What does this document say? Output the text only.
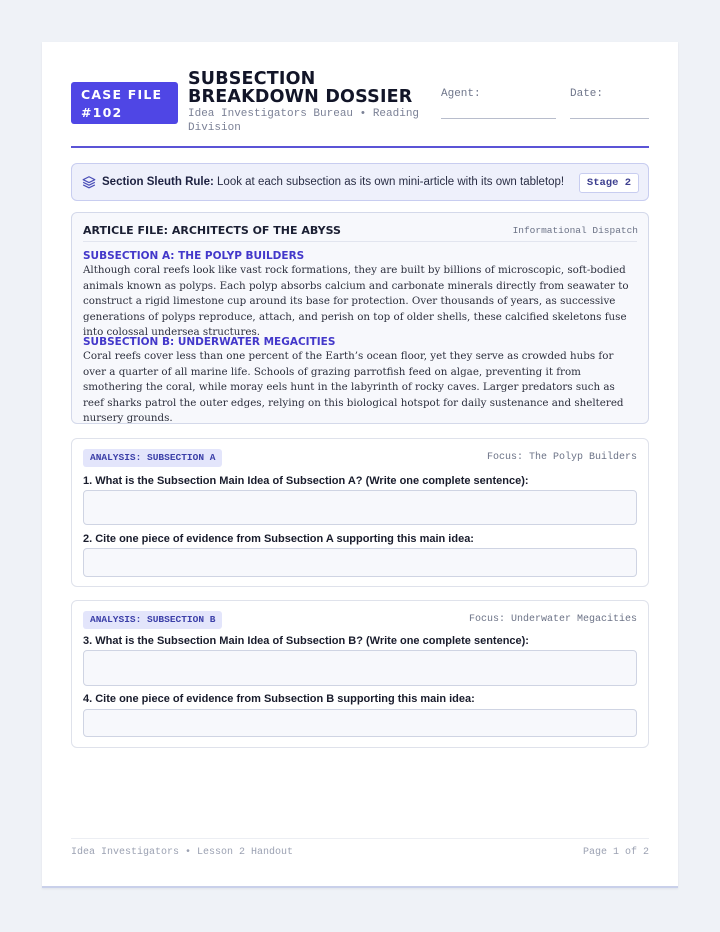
CASE FILE #102
SUBSECTION BREAKDOWN DOSSIER
Idea Investigators Bureau • Reading Division
Agent:	Date:
Section Sleuth Rule: Look at each subsection as its own mini-article with its own tabletop!	Stage 2
ARTICLE FILE: ARCHITECTS OF THE ABYSS	Informational Dispatch
SUBSECTION A: THE POLYP BUILDERS
Although coral reefs look like vast rock formations, they are built by billions of microscopic, soft-bodied animals known as polyps. Each polyp absorbs calcium and carbonate minerals directly from seawater to construct a rigid limestone cup around its base for protection. Over thousands of years, as successive generations of polyps reproduce, attach, and perish on top of older shells, these calcified skeletons fuse into colossal undersea structures.
SUBSECTION B: UNDERWATER MEGACITIES
Coral reefs cover less than one percent of the Earth’s ocean floor, yet they serve as crowded hubs for over a quarter of all marine life. Schools of grazing parrotfish feed on algae, preventing it from smothering the coral, while moray eels hunt in the labyrinth of rocky caves. Larger predators such as reef sharks patrol the outer edges, relying on this biological hotspot for daily sustenance and sheltered nursery grounds.
ANALYSIS: SUBSECTION A	Focus: The Polyp Builders
1. What is the Subsection Main Idea of Subsection A? (Write one complete sentence):
2. Cite one piece of evidence from Subsection A supporting this main idea:
ANALYSIS: SUBSECTION B	Focus: Underwater Megacities
3. What is the Subsection Main Idea of Subsection B? (Write one complete sentence):
4. Cite one piece of evidence from Subsection B supporting this main idea:
Idea Investigators • Lesson 2 Handout	Page 1 of 2
